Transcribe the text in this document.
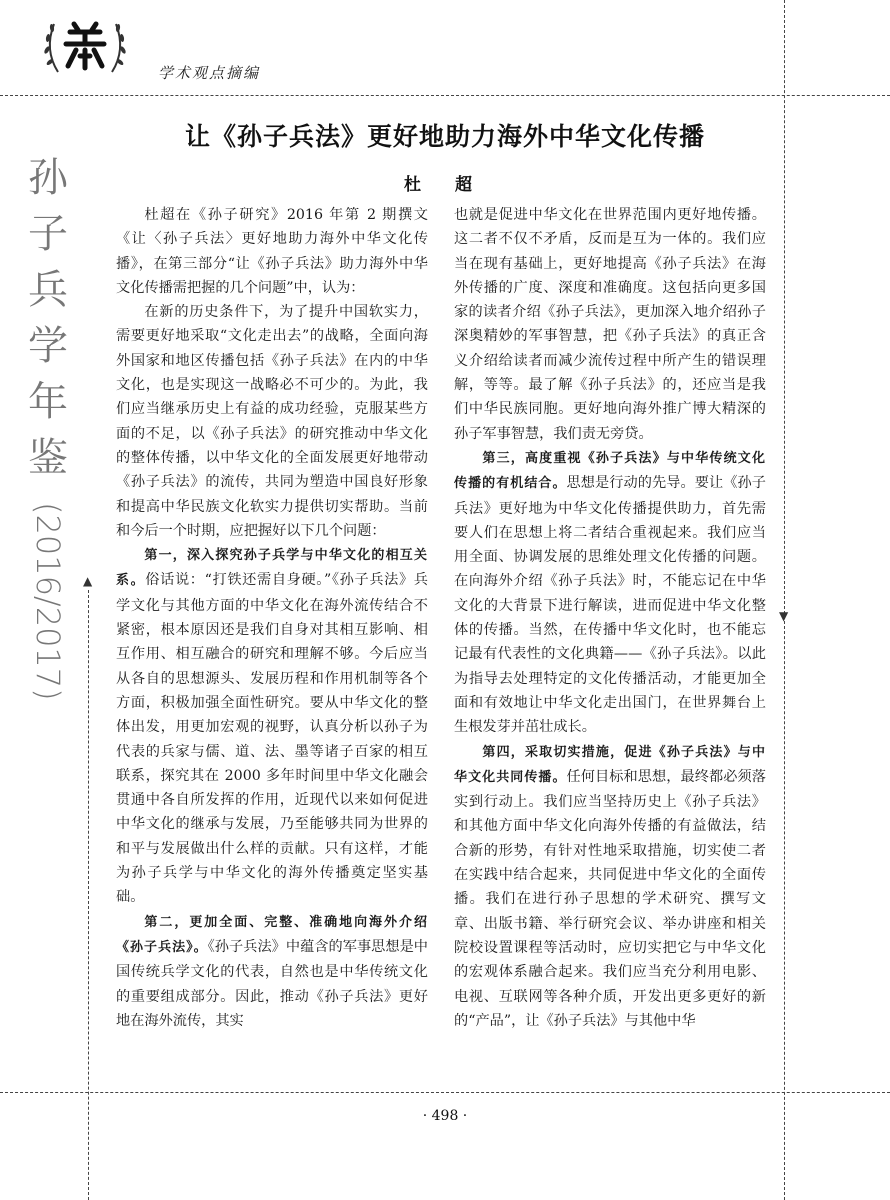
学术观点摘编
让《孙子兵法》更好地助力海外中华文化传播
杜 超
孙
子
兵
学
年
鉴
(2016/2017) ▲
▼

杜超在《孙子研究》2016 年第 2 期撰文《让〈孙子兵法〉更好地助力海外中华文化传播》，在第三部分“让《孙子兵法》助力海外中华文化传播需把握的几个问题”中，认为：

在新的历史条件下，为了提升中国软实力，需要更好地采取“文化走出去”的战略，全面向海外国家和地区传播包括《孙子兵法》在内的中华文化，也是实现这一战略必不可少的。为此，我们应当继承历史上有益的成功经验，克服某些方面的不足，以《孙子兵法》的研究推动中华文化的整体传播，以中华文化的全面发展更好地带动《孙子兵法》的流传，共同为塑造中国良好形象和提高中华民族文化软实力提供切实帮助。当前和今后一个时期，应把握好以下几个问题：

第一，深入探究孙子兵学与中华文化的相互关系。俗话说：“打铁还需自身硬。”《孙子兵法》兵学文化与其他方面的中华文化在海外流传结合不紧密，根本原因还是我们自身对其相互影响、相互作用、相互融合的研究和理解不够。今后应当从各自的思想源头、发展历程和作用机制等各个方面，积极加强全面性研究。要从中华文化的整体出发，用更加宏观的视野，认真分析以孙子为代表的兵家与儒、道、法、墨等诸子百家的相互联系，探究其在 2000 多年时间里中华文化融会贯通中各自所发挥的作用，近现代以来如何促进中华文化的继承与发展，乃至能够共同为世界的和平与发展做出什么样的贡献。只有这样，才能为孙子兵学与中华文化的海外传播奠定坚实基础。

第二，更加全面、完整、准确地向海外介绍《孙子兵法》。《孙子兵法》中蕴含的军事思想是中国传统兵学文化的代表，自然也是中华传统文化的重要组成部分。因此，推动《孙子兵法》更好地在海外流传，其实

也就是促进中华文化在世界范围内更好地传播。这二者不仅不矛盾，反而是互为一体的。我们应当在现有基础上，更好地提高《孙子兵法》在海外传播的广度、深度和准确度。这包括向更多国家的读者介绍《孙子兵法》，更加深入地介绍孙子深奥精妙的军事智慧，把《孙子兵法》的真正含义介绍给读者而减少流传过程中所产生的错误理解，等等。最了解《孙子兵法》的，还应当是我们中华民族同胞。更好地向海外推广博大精深的孙子军事智慧，我们责无旁贷。

第三，高度重视《孙子兵法》与中华传统文化传播的有机结合。思想是行动的先导。要让《孙子兵法》更好地为中华文化传播提供助力，首先需要人们在思想上将二者结合重视起来。我们应当用全面、协调发展的思维处理文化传播的问题。在向海外介绍《孙子兵法》时，不能忘记在中华文化的大背景下进行解读，进而促进中华文化整体的传播。当然，在传播中华文化时，也不能忘记最有代表性的文化典籍——《孙子兵法》。以此为指导去处理特定的文化传播活动，才能更加全面和有效地让中华文化走出国门，在世界舞台上生根发芽并茁壮成长。

第四，采取切实措施，促进《孙子兵法》与中华文化共同传播。任何目标和思想，最终都必须落实到行动上。我们应当坚持历史上《孙子兵法》和其他方面中华文化向海外传播的有益做法，结合新的形势，有针对性地采取措施，切实使二者在实践中结合起来，共同促进中华文化的全面传播。我们在进行孙子思想的学术研究、撰写文章、出版书籍、举行研究会议、举办讲座和相关院校设置课程等活动时，应切实把它与中华文化的宏观体系融合起来。我们应当充分利用电影、电视、互联网等各种介质，开发出更多更好的新的“产品”，让《孙子兵法》与其他中华

· 498 ·
